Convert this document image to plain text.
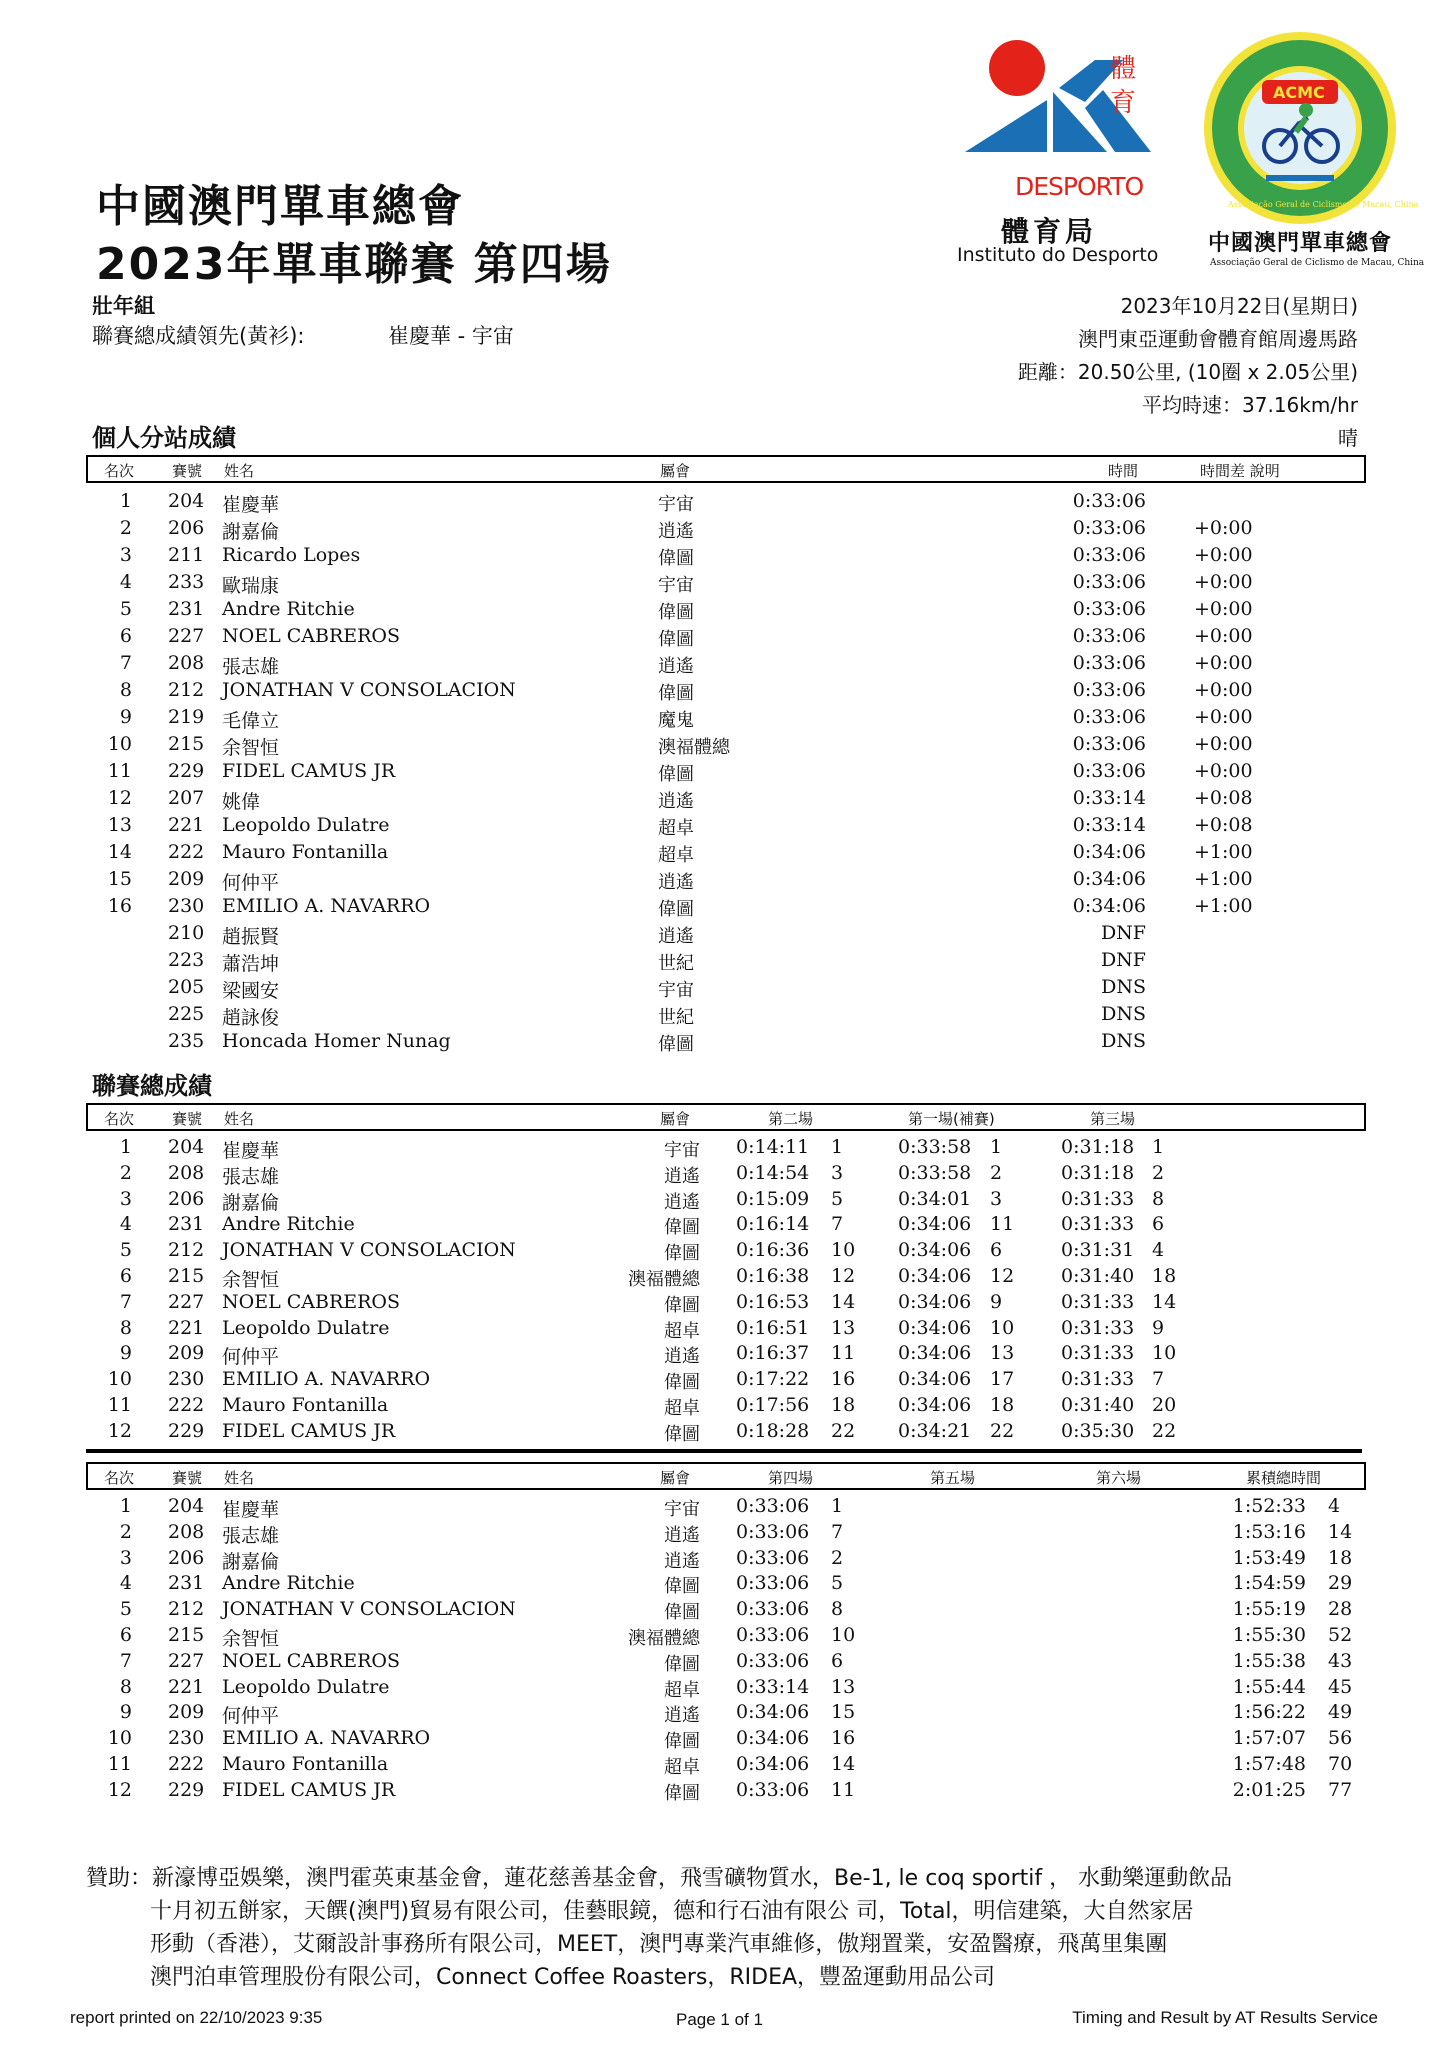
體育
DESPORTO
體育局
Instituto do Desporto
ACMC
Associação Geral de Ciclismo de Macau, China
中國澳門單車總會
Associação Geral de Ciclismo de Macau, China
中國澳門單車總會
2023年單車聯賽 第四場
壯年組
聯賽總成績領先(黃衫):	崔慶華 - 宇宙
2023年10月22日(星期日)
澳門東亞運動會體育館周邊馬路
距離：20.50公里, (10圈 x 2.05公里)
平均時速：37.16km/hr
晴
個人分站成績
名次	賽號 姓名	屬會	時間	時間差 說明
1 204 崔慶華	宇宙	0:33:06
2 206 謝嘉倫	逍遙	0:33:06	+0:00
3 211 Ricardo Lopes	偉圖	0:33:06	+0:00
4 233 歐瑞康	宇宙	0:33:06	+0:00
5 231 Andre Ritchie	偉圖	0:33:06	+0:00
6 227 NOEL CABREROS	偉圖	0:33:06	+0:00
7 208 張志雄	逍遙	0:33:06	+0:00
8 212 JONATHAN V CONSOLACION	偉圖	0:33:06	+0:00
9 219 毛偉立	魔鬼	0:33:06	+0:00
10 215 余智恒	澳福體總	0:33:06	+0:00
11 229 FIDEL CAMUS JR	偉圖	0:33:06	+0:00
12 207 姚偉	逍遙	0:33:14	+0:08
13 221 Leopoldo Dulatre	超卓	0:33:14	+0:08
14 222 Mauro Fontanilla	超卓	0:34:06	+1:00
15 209 何仲平	逍遙	0:34:06	+1:00
16 230 EMILIO A. NAVARRO	偉圖	0:34:06	+1:00
210 趙振賢	逍遙	DNF
223 蕭浩坤	世紀	DNF
205 梁國安	宇宙	DNS
225 趙詠俊	世紀	DNS
235 Honcada Homer Nunag	偉圖	DNS
聯賽總成績
名次	賽號 姓名	屬會	第二場	第一場(補賽)	第三場
1 204 崔慶華	宇宙 0:14:11 1	0:33:58 1	0:31:18 1
2 208 張志雄	逍遙 0:14:54 3	0:33:58 2	0:31:18 2
3 206 謝嘉倫	逍遙 0:15:09 5	0:34:01 3	0:31:33 8
4 231 Andre Ritchie	偉圖 0:16:14 7	0:34:06 11 0:31:33 6
5 212 JONATHAN V CONSOLACION	偉圖 0:16:36 10 0:34:06 6	0:31:31 4
6 215 余智恒	澳福體總 0:16:38 12 0:34:06 12 0:31:40 18
7 227 NOEL CABREROS	偉圖 0:16:53 14 0:34:06 9	0:31:33 14
8 221 Leopoldo Dulatre	超卓 0:16:51 13 0:34:06 10 0:31:33 9
9 209 何仲平	逍遙 0:16:37 11 0:34:06 13 0:31:33 10
10 230 EMILIO A. NAVARRO	偉圖 0:17:22 16 0:34:06 17 0:31:33 7
11 222 Mauro Fontanilla	超卓 0:17:56 18 0:34:06 18 0:31:40 20
12 229 FIDEL CAMUS JR	偉圖 0:18:28 22 0:34:21 22 0:35:30 22
名次	賽號 姓名	屬會	第四場	第五場	第六場	累積總時間
1 204 崔慶華	宇宙 0:33:06 1	1:52:33 4
2 208 張志雄	逍遙 0:33:06 7	1:53:16 14
3 206 謝嘉倫	逍遙 0:33:06 2	1:53:49 18
4 231 Andre Ritchie	偉圖 0:33:06 5	1:54:59 29
5 212 JONATHAN V CONSOLACION	偉圖 0:33:06 8	1:55:19 28
6 215 余智恒	澳福體總 0:33:06 10	1:55:30 52
7 227 NOEL CABREROS	偉圖 0:33:06 6	1:55:38 43
8 221 Leopoldo Dulatre	超卓 0:33:14 13	1:55:44 45
9 209 何仲平	逍遙 0:34:06 15	1:56:22 49
10 230 EMILIO A. NAVARRO	偉圖 0:34:06 16	1:57:07 56
11 222 Mauro Fontanilla	超卓 0:34:06 14	1:57:48 70
12 229 FIDEL CAMUS JR	偉圖 0:33:06 11	2:01:25 77
贊助：新濠博亞娛樂，澳門霍英東基金會，蓮花慈善基金會，飛雪礦物質水，Be-1, le coq sportif ， 水動樂運動飲品
十月初五餅家，天饌(澳門)貿易有限公司，佳藝眼鏡，德和行石油有限公 司，Total，明信建築，大自然家居
形動（香港），艾爾設計事務所有限公司，MEET，澳門專業汽車維修，傲翔置業，安盈醫療，飛萬里集團
澳門泊車管理股份有限公司，Connect Coffee Roasters，RIDEA，豐盈運動用品公司
report printed on 22/10/2023 9:35	Page 1 of 1	Timing and Result by AT Results Service
